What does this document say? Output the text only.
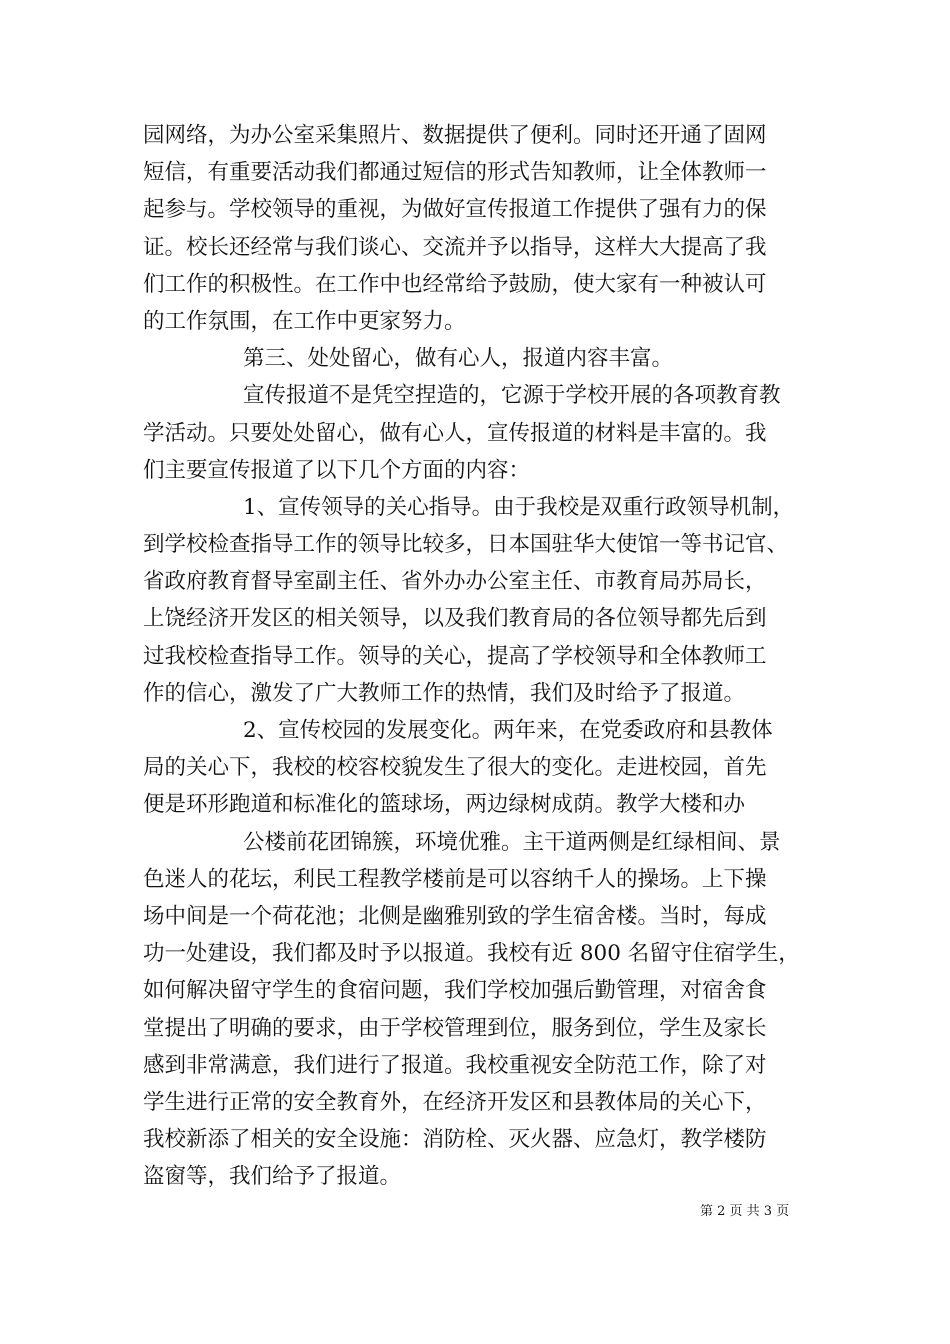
园网络，为办公室采集照片、数据提供了便利。同时还开通了固网
短信，有重要活动我们都通过短信的形式告知教师，让全体教师一
起参与。学校领导的重视，为做好宣传报道工作提供了强有力的保
证。校长还经常与我们谈心、交流并予以指导，这样大大提高了我
们工作的积极性。在工作中也经常给予鼓励，使大家有一种被认可
的工作氛围，在工作中更家努力。
第三、处处留心，做有心人，报道内容丰富。
宣传报道不是凭空捏造的，它源于学校开展的各项教育教
学活动。只要处处留心，做有心人，宣传报道的材料是丰富的。我
们主要宣传报道了以下几个方面的内容：
1、宣传领导的关心指导。由于我校是双重行政领导机制，
到学校检查指导工作的领导比较多，日本国驻华大使馆一等书记官、
省政府教育督导室副主任、省外办办公室主任、市教育局苏局长，
上饶经济开发区的相关领导，以及我们教育局的各位领导都先后到
过我校检查指导工作。领导的关心，提高了学校领导和全体教师工
作的信心，激发了广大教师工作的热情，我们及时给予了报道。
2、宣传校园的发展变化。两年来，在党委政府和县教体
局的关心下，我校的校容校貌发生了很大的变化。走进校园，首先
便是环形跑道和标准化的篮球场，两边绿树成荫。教学大楼和办
公楼前花团锦簇，环境优雅。主干道两侧是红绿相间、景
色迷人的花坛，利民工程教学楼前是可以容纳千人的操场。上下操
场中间是一个荷花池；北侧是幽雅别致的学生宿舍楼。当时，每成
功一处建设，我们都及时予以报道。我校有近 800 名留守住宿学生，
如何解决留守学生的食宿问题，我们学校加强后勤管理，对宿舍食
堂提出了明确的要求，由于学校管理到位，服务到位，学生及家长
感到非常满意，我们进行了报道。我校重视安全防范工作，除了对
学生进行正常的安全教育外，在经济开发区和县教体局的关心下，
我校新添了相关的安全设施：消防栓、灭火器、应急灯，教学楼防
盗窗等，我们给予了报道。
第 2 页 共 3 页
